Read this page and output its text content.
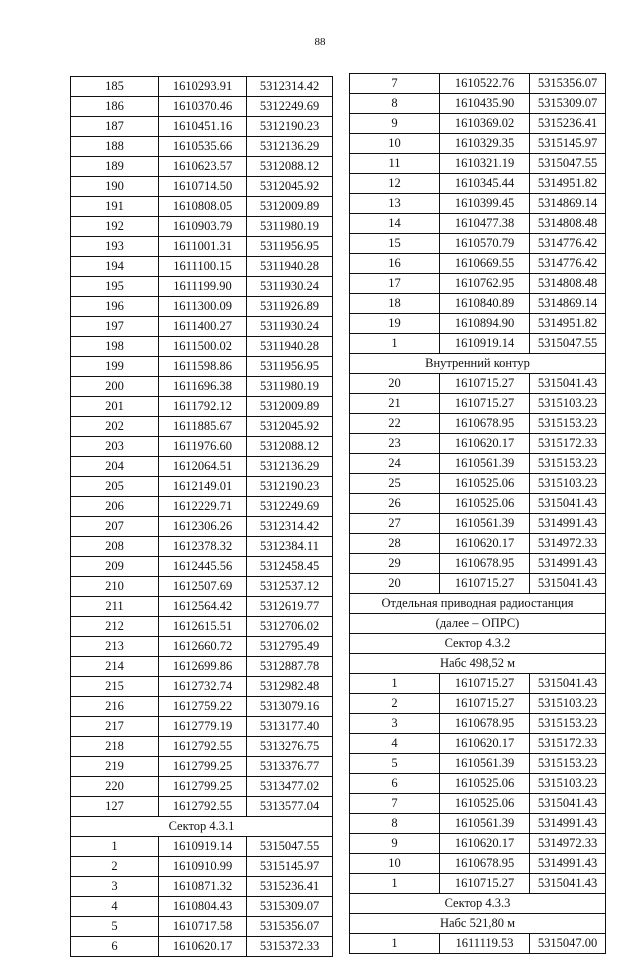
88
185	1610293.91	5312314.42
186	1610370.46	5312249.69
187	1610451.16	5312190.23
188	1610535.66	5312136.29
189	1610623.57	5312088.12
190	1610714.50	5312045.92
191	1610808.05	5312009.89
192	1610903.79	5311980.19
193	1611001.31	5311956.95
194	1611100.15	5311940.28
195	1611199.90	5311930.24
196	1611300.09	5311926.89
197	1611400.27	5311930.24
198	1611500.02	5311940.28
199	1611598.86	5311956.95
200	1611696.38	5311980.19
201	1611792.12	5312009.89
202	1611885.67	5312045.92
203	1611976.60	5312088.12
204	1612064.51	5312136.29
205	1612149.01	5312190.23
206	1612229.71	5312249.69
207	1612306.26	5312314.42
208	1612378.32	5312384.11
209	1612445.56	5312458.45
210	1612507.69	5312537.12
211	1612564.42	5312619.77
212	1612615.51	5312706.02
213	1612660.72	5312795.49
214	1612699.86	5312887.78
215	1612732.74	5312982.48
216	1612759.22	5313079.16
217	1612779.19	5313177.40
218	1612792.55	5313276.75
219	1612799.25	5313376.77
220	1612799.25	5313477.02
127	1612792.55	5313577.04
Сектор 4.3.1		
1	1610919.14	5315047.55
2	1610910.99	5315145.97
3	1610871.32	5315236.41
4	1610804.43	5315309.07
5	1610717.58	5315356.07
6	1610620.17	5315372.33
7	1610522.76	5315356.07
8	1610435.90	5315309.07
9	1610369.02	5315236.41
10	1610329.35	5315145.97
11	1610321.19	5315047.55
12	1610345.44	5314951.82
13	1610399.45	5314869.14
14	1610477.38	5314808.48
15	1610570.79	5314776.42
16	1610669.55	5314776.42
17	1610762.95	5314808.48
18	1610840.89	5314869.14
19	1610894.90	5314951.82
1	1610919.14	5315047.55
Внутренний контур		
20	1610715.27	5315041.43
21	1610715.27	5315103.23
22	1610678.95	5315153.23
23	1610620.17	5315172.33
24	1610561.39	5315153.23
25	1610525.06	5315103.23
26	1610525.06	5315041.43
27	1610561.39	5314991.43
28	1610620.17	5314972.33
29	1610678.95	5314991.43
20	1610715.27	5315041.43
Отдельная приводная радиостанция		
(далее – ОПРС)		
Сектор 4.3.2		
Набс 498,52 м		
1	1610715.27	5315041.43
2	1610715.27	5315103.23
3	1610678.95	5315153.23
4	1610620.17	5315172.33
5	1610561.39	5315153.23
6	1610525.06	5315103.23
7	1610525.06	5315041.43
8	1610561.39	5314991.43
9	1610620.17	5314972.33
10	1610678.95	5314991.43
1	1610715.27	5315041.43
Сектор 4.3.3		
Набс 521,80 м		
1	1611119.53	5315047.00
